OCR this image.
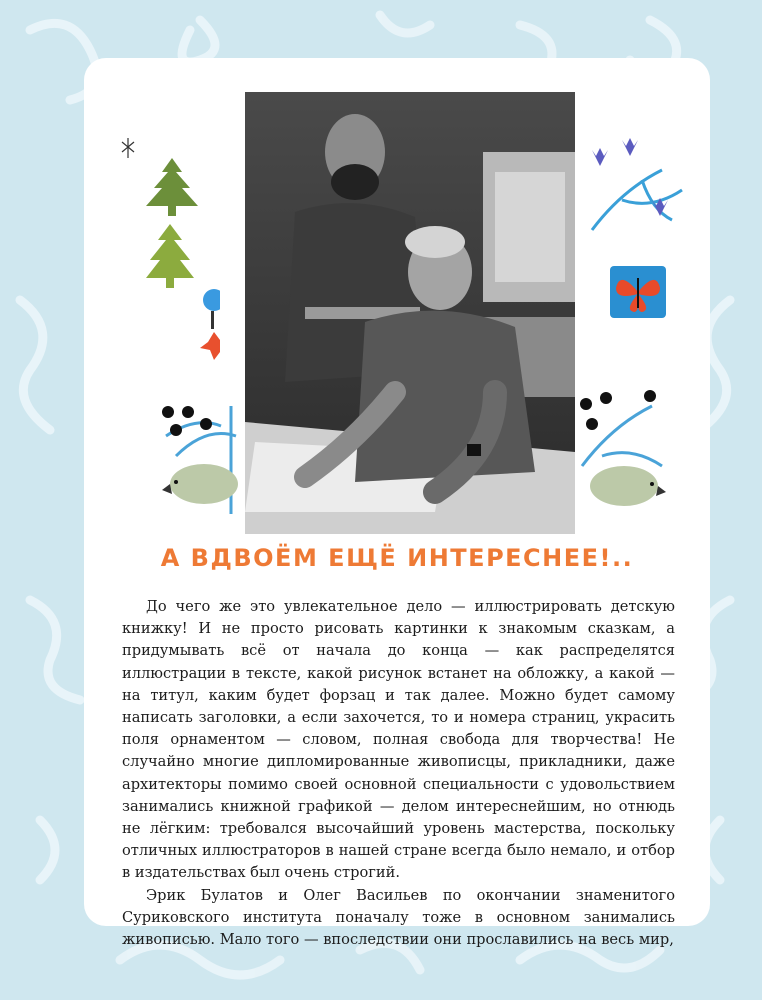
А ВДВОЁМ ЕЩЁ ИНТЕРЕСНЕЕ!..

До чего же это увлекательное дело — иллюстрировать детскую книжку! И не просто рисовать картинки к знакомым сказкам, а придумывать всё от начала до конца — как распределятся иллюстрации в тексте, какой рисунок встанет на обложку, а какой — на титул, каким будет форзац и так далее. Можно будет самому написать заголовки, а если захочется, то и номера страниц, украсить поля орнаментом — словом, полная свобода для творчества! Не случайно многие дипломированные живописцы, прикладники, даже архитекторы помимо своей основной специальности с удовольствием занимались книжной графикой — делом интереснейшим, но отнюдь не лёгким: требовался высочайший уровень мастерства, поскольку отличных иллюстраторов в нашей стране всегда было немало, и отбор в издательствах был очень строгий.

Эрик Булатов и Олег Васильев по окончании знаменитого Суриковского института поначалу тоже в основном занимались живописью. Мало того — впоследствии они прославились на весь мир,
